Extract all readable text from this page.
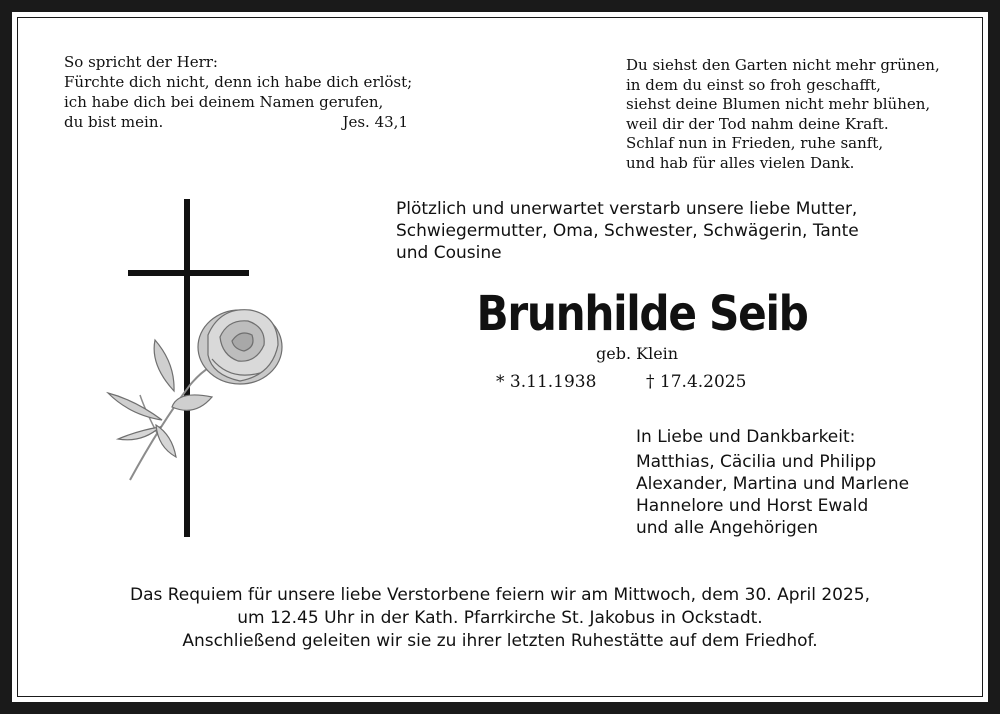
So spricht der Herr:
Fürchte dich nicht, denn ich habe dich erlöst;
ich habe dich bei deinem Namen gerufen,
du bist mein.	Jes. 43,1
Du siehst den Garten nicht mehr grünen,
in dem du einst so froh geschafft,
siehst deine Blumen nicht mehr blühen,
weil dir der Tod nahm deine Kraft.
Schlaf nun in Frieden, ruhe sanft,
und hab für alles vielen Dank.
Plötzlich und unerwartet verstarb unsere liebe Mutter,
Schwiegermutter, Oma, Schwester, Schwägerin, Tante
und Cousine
Brunhilde Seib
geb. Klein
* 3.11.1938	† 17.4.2025
In Liebe und Dankbarkeit:
Matthias, Cäcilia und Philipp
Alexander, Martina und Marlene
Hannelore und Horst Ewald
und alle Angehörigen
Das Requiem für unsere liebe Verstorbene feiern wir am Mittwoch, dem 30. April 2025,
um 12.45 Uhr in der Kath. Pfarrkirche St. Jakobus in Ockstadt.
Anschließend geleiten wir sie zu ihrer letzten Ruhestätte auf dem Friedhof.
